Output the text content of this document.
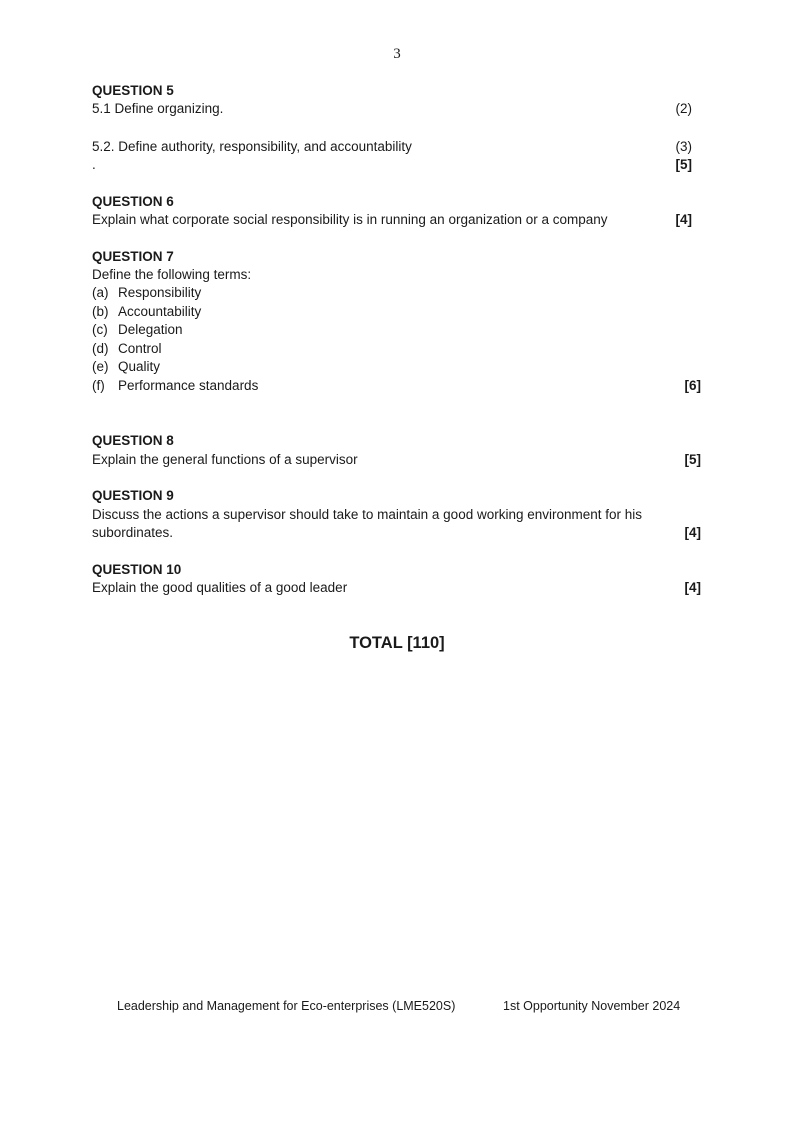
3
QUESTION 5
5.1 Define organizing.	(2)
5.2. Define authority, responsibility, and accountability	(3)
.	[5]
QUESTION 6
Explain what corporate social responsibility is in running an organization or a company	[4]
QUESTION 7
Define the following terms:
(a) Responsibility
(b) Accountability
(c) Delegation
(d) Control
(e) Quality
(f) Performance standards	[6]
QUESTION 8
Explain the general functions of a supervisor	[5]
QUESTION 9
Discuss the actions a supervisor should take to maintain a good working environment for his
subordinates.	[4]
QUESTION 10
Explain the good qualities of a good leader	[4]
TOTAL [110]
Leadership and Management for Eco-enterprises (LME520S)	1st Opportunity November 2024
